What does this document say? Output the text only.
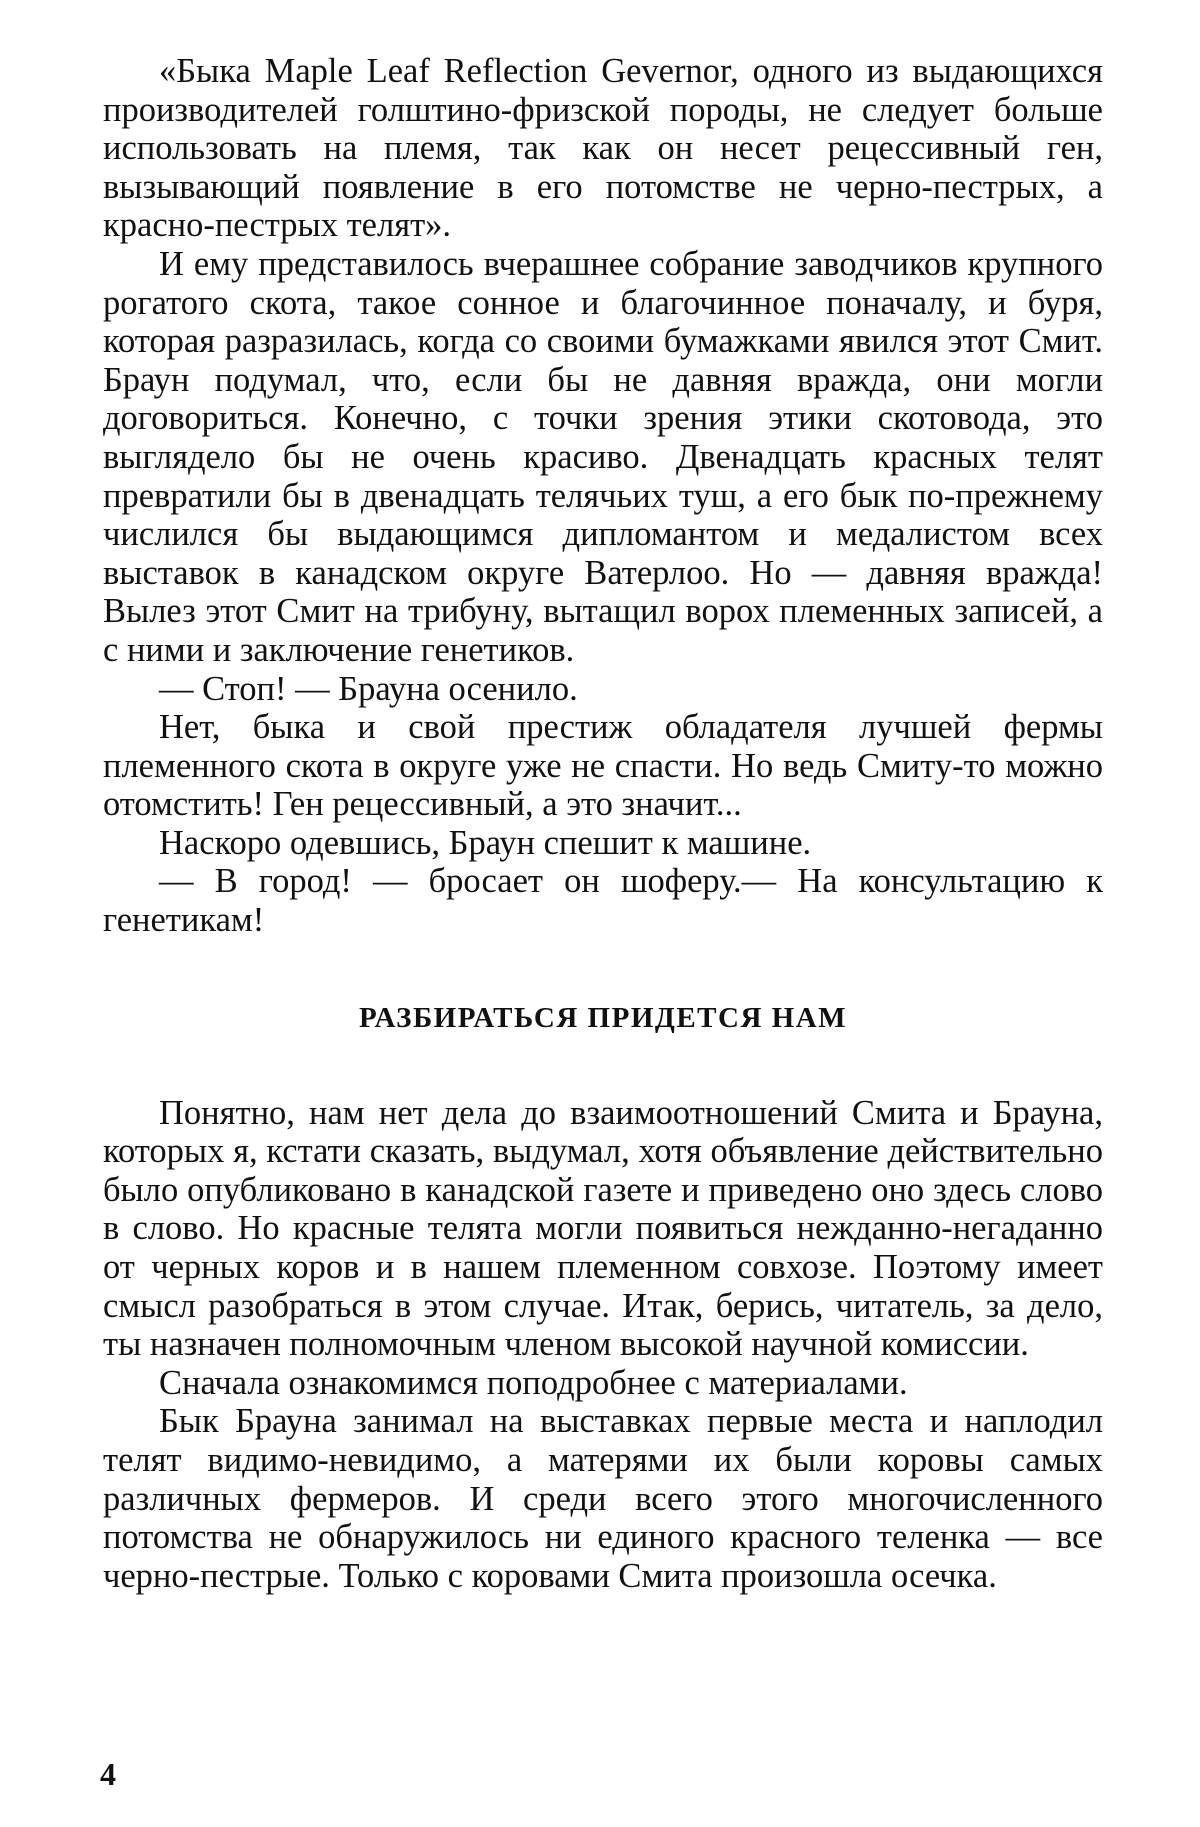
«Быка Maple Leaf Reflection Gevernor, одного из выдающихся производителей голштино-фризской породы, не следует больше использовать на племя, так как он несет рецессивный ген, вызывающий появление в его потомстве не черно-пестрых, а красно-пестрых телят».

И ему представилось вчерашнее собрание заводчиков крупного рогатого скота, такое сонное и благочинное поначалу, и буря, которая разразилась, когда со своими бумажками явился этот Смит. Браун подумал, что, если бы не давняя вражда, они могли договориться. Конечно, с точки зрения этики скотовода, это выглядело бы не очень красиво. Двенадцать красных телят превратили бы в двенадцать телячьих туш, а его бык по-прежнему числился бы выдающимся дипломантом и медалистом всех выставок в канадском округе Ватерлоо. Но — давняя вражда! Вылез этот Смит на трибуну, вытащил ворох племенных записей, а с ними и заключение генетиков.

— Стоп! — Брауна осенило.

Нет, быка и свой престиж обладателя лучшей фермы племенного скота в округе уже не спасти. Но ведь Смиту-то можно отомстить! Ген рецессивный, а это значит...

Наскоро одевшись, Браун спешит к машине.

— В город! — бросает он шоферу.— На консультацию к генетикам!

РАЗБИРАТЬСЯ ПРИДЕТСЯ НАМ

Понятно, нам нет дела до взаимоотношений Смита и Брауна, которых я, кстати сказать, выдумал, хотя объявление действительно было опубликовано в канадской газете и приведено оно здесь слово в слово. Но красные телята могли появиться нежданно-негаданно от черных коров и в нашем племенном совхозе. Поэтому имеет смысл разобраться в этом случае. Итак, берись, читатель, за дело, ты назначен полномочным членом высокой научной комиссии.

Сначала ознакомимся поподробнее с материалами.

Бык Брауна занимал на выставках первые места и наплодил телят видимо-невидимо, а матерями их были коровы самых различных фермеров. И среди всего этого многочисленного потомства не обнаружилось ни единого красного теленка — все черно-пестрые. Только с коровами Смита произошла осечка.

4
